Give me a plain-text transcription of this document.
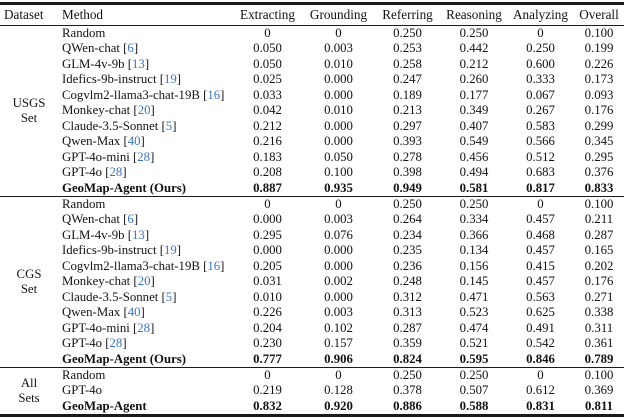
Dataset	Method	Extracting	Grounding	Referring	Reasoning	Analyzing	Overall

USGS
Set	Random	0	0	0.250	0.250	0	0.100
	QWen-chat [6]	0.050	0.003	0.253	0.442	0.250	0.199
	GLM-4v-9b [13]	0.050	0.010	0.258	0.212	0.600	0.226
	Idefics-9b-instruct [19]	0.025	0.000	0.247	0.260	0.333	0.173
	Cogvlm2-llama3-chat-19B [16]	0.033	0.000	0.189	0.177	0.067	0.093
	Monkey-chat [20]	0.042	0.010	0.213	0.349	0.267	0.176
	Claude-3.5-Sonnet [5]	0.212	0.000	0.297	0.407	0.583	0.299
	Qwen-Max [40]	0.216	0.000	0.393	0.549	0.566	0.345
	GPT-4o-mini [28]	0.183	0.050	0.278	0.456	0.512	0.295
	GPT-4o [28]	0.208	0.100	0.398	0.494	0.683	0.376
	GeoMap-Agent (Ours)	0.887	0.935	0.949	0.581	0.817	0.833

CGS
Set	Random	0	0	0.250	0.250	0	0.100
	QWen-chat [6]	0.000	0.003	0.264	0.334	0.457	0.211
	GLM-4v-9b [13]	0.295	0.076	0.234	0.366	0.468	0.287
	Idefics-9b-instruct [19]	0.000	0.000	0.235	0.134	0.457	0.165
	Cogvlm2-llama3-chat-19B [16]	0.205	0.000	0.236	0.156	0.415	0.202
	Monkey-chat [20]	0.031	0.002	0.248	0.145	0.457	0.176
	Claude-3.5-Sonnet [5]	0.010	0.000	0.312	0.471	0.563	0.271
	Qwen-Max [40]	0.226	0.003	0.313	0.523	0.625	0.338
	GPT-4o-mini [28]	0.204	0.102	0.287	0.474	0.491	0.311
	GPT-4o [28]	0.230	0.157	0.359	0.521	0.542	0.361
	GeoMap-Agent (Ours)	0.777	0.906	0.824	0.595	0.846	0.789

All
Sets	Random	0	0	0.250	0.250	0	0.100
	GPT-4o	0.219	0.128	0.378	0.507	0.612	0.369
	GeoMap-Agent	0.832	0.920	0.886	0.588	0.831	0.811
